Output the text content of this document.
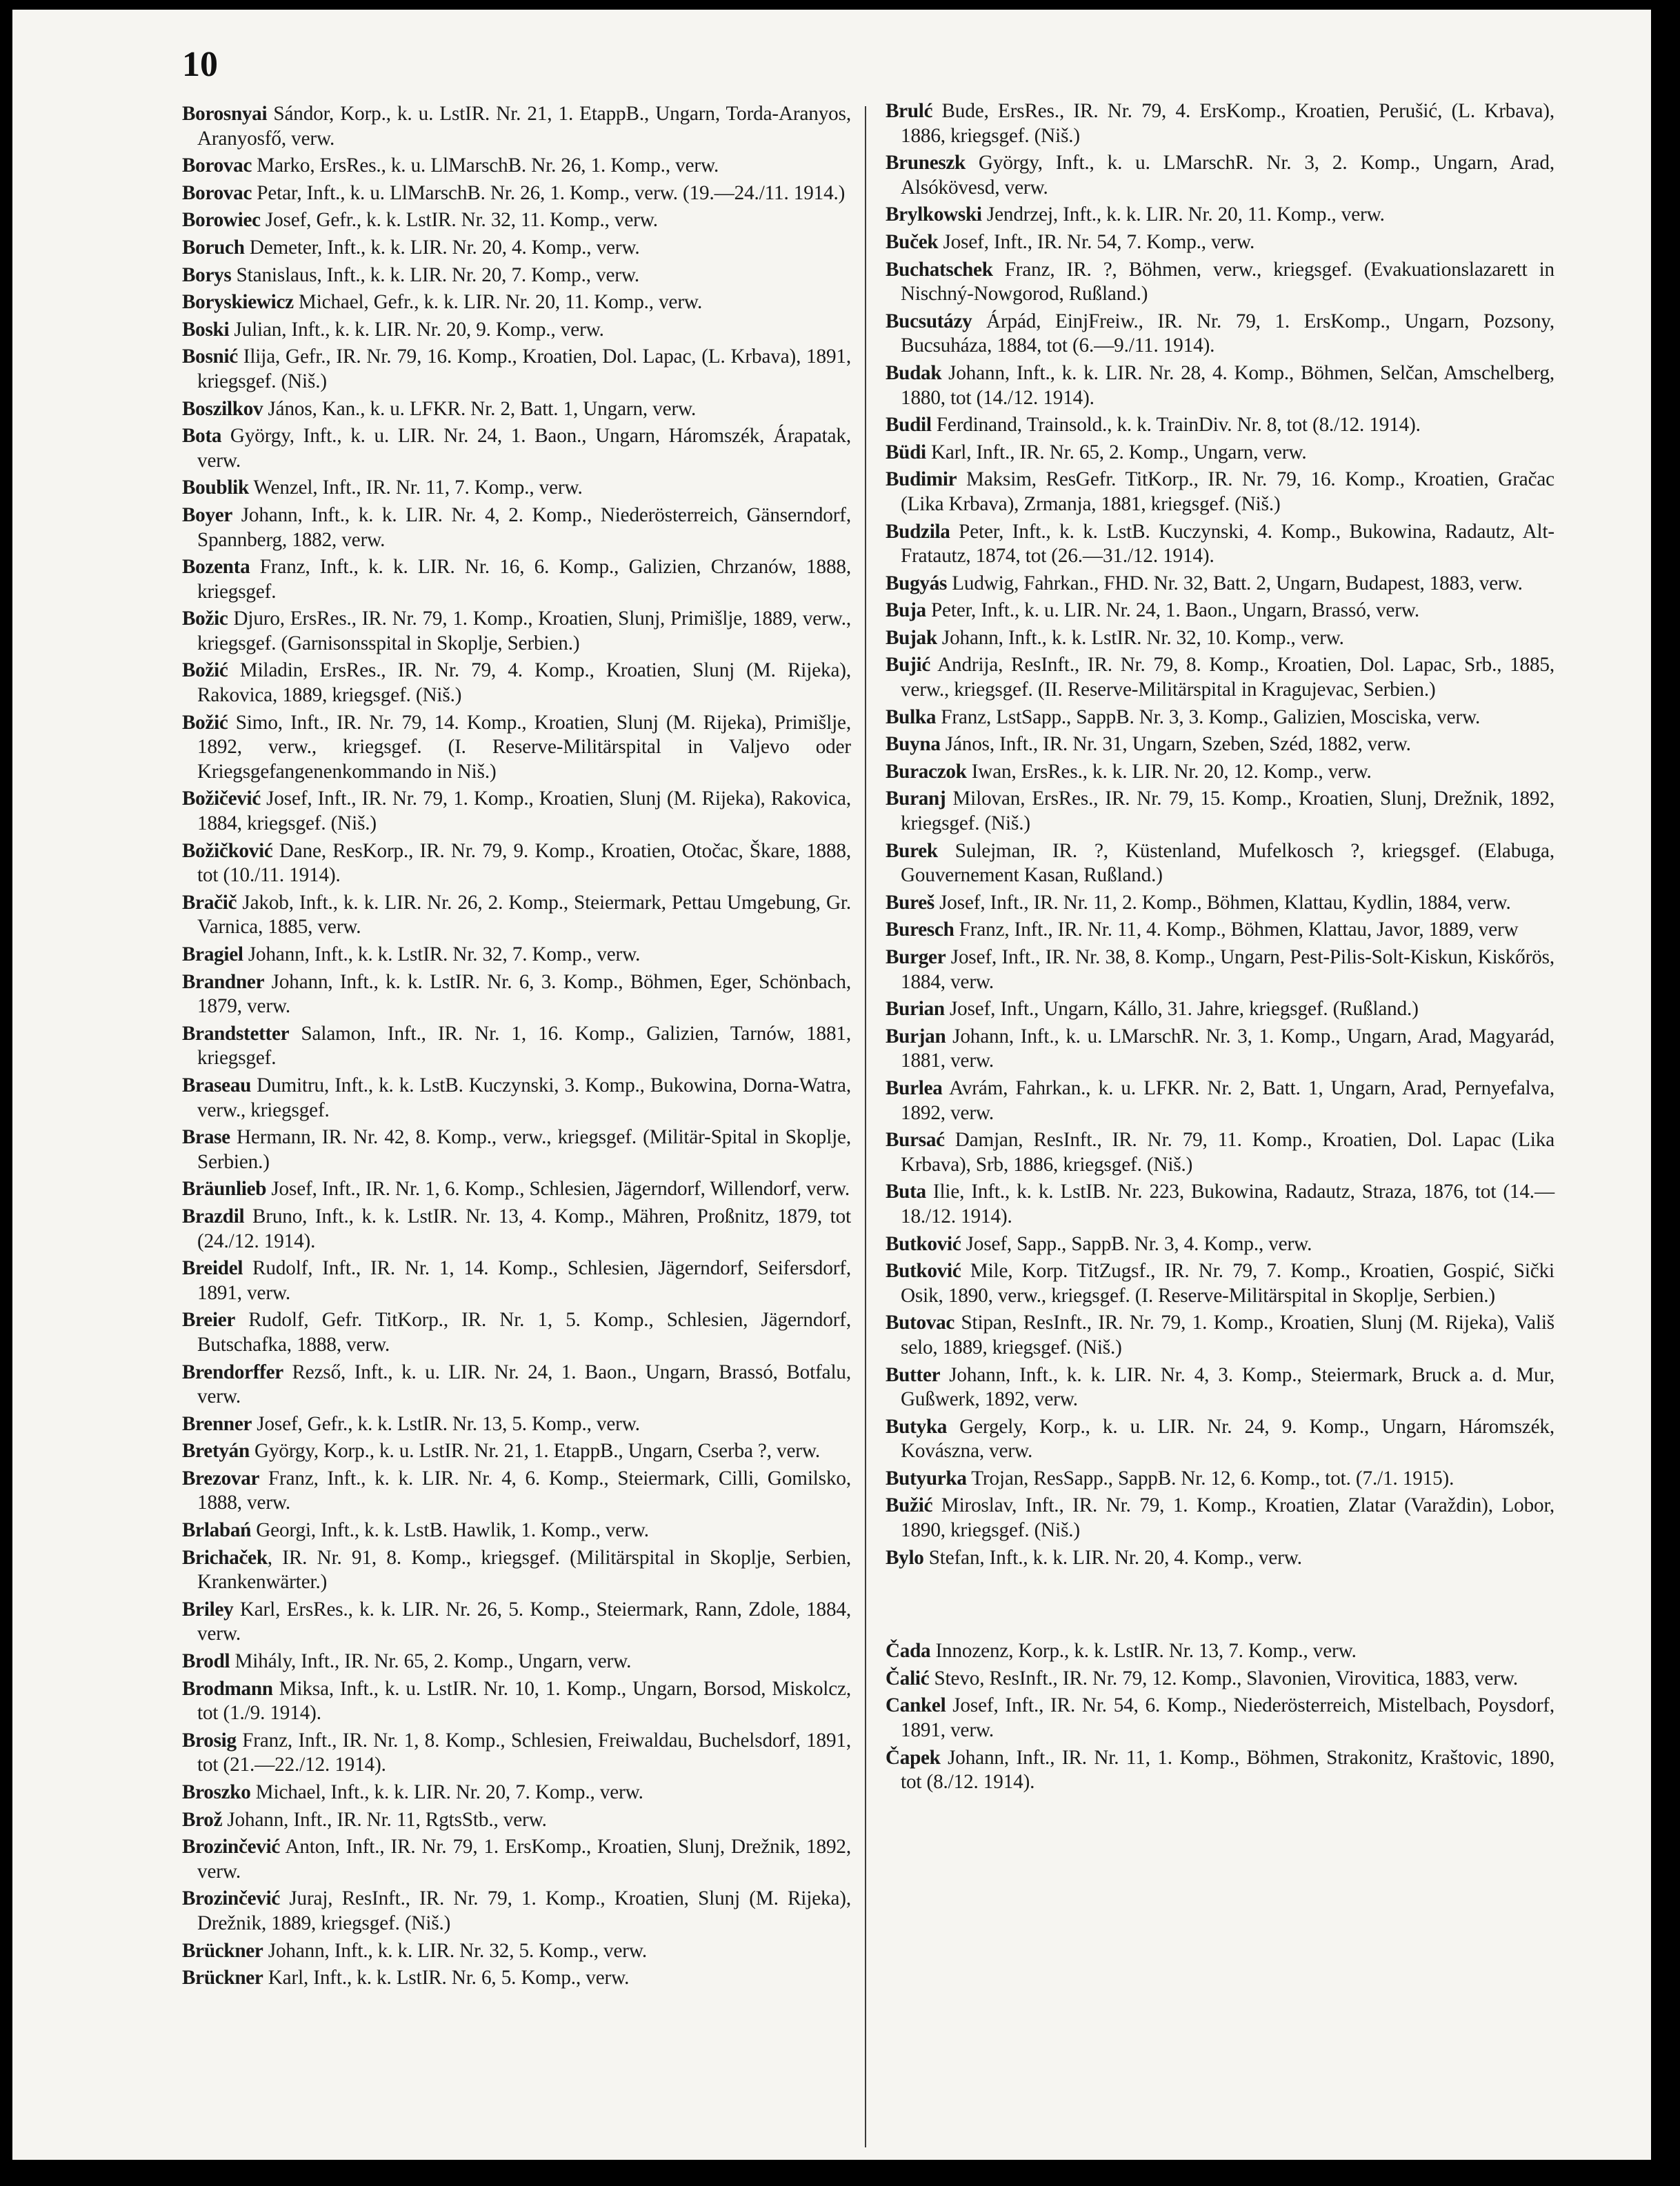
10
Borosnyai Sándor, Korp., k. u. LstIR. Nr. 21, 1. EtappB., Ungarn, Torda-Aranyos, Aranyosfő, verw.
Borovac Marko, ErsRes., k. u. LlMarschB. Nr. 26, 1. Komp., verw.
Borovac Petar, Inft., k. u. LlMarschB. Nr. 26, 1. Komp., verw. (19.—24./11. 1914.)
Borowiec Josef, Gefr., k. k. LstIR. Nr. 32, 11. Komp., verw.
Boruch Demeter, Inft., k. k. LIR. Nr. 20, 4. Komp., verw.
Borys Stanislaus, Inft., k. k. LIR. Nr. 20, 7. Komp., verw.
Boryskiewicz Michael, Gefr., k. k. LIR. Nr. 20, 11. Komp., verw.
Boski Julian, Inft., k. k. LIR. Nr. 20, 9. Komp., verw.
Bosnić Ilija, Gefr., IR. Nr. 79, 16. Komp., Kroatien, Dol. Lapac, (L. Krbava), 1891, kriegsgef. (Niš.)
Boszilkov János, Kan., k. u. LFKR. Nr. 2, Batt. 1, Ungarn, verw.
Bota György, Inft., k. u. LIR. Nr. 24, 1. Baon., Ungarn, Háromszék, Árapatak, verw.
Boublik Wenzel, Inft., IR. Nr. 11, 7. Komp., verw.
Boyer Johann, Inft., k. k. LIR. Nr. 4, 2. Komp., Niederösterreich, Gänserndorf, Spannberg, 1882, verw.
Bozenta Franz, Inft., k. k. LIR. Nr. 16, 6. Komp., Galizien, Chrzanów, 1888, kriegsgef.
Božic Djuro, ErsRes., IR. Nr. 79, 1. Komp., Kroatien, Slunj, Primišlje, 1889, verw., kriegsgef. (Garnisonsspital in Skoplje, Serbien.)
Božić Miladin, ErsRes., IR. Nr. 79, 4. Komp., Kroatien, Slunj (M. Rijeka), Rakovica, 1889, kriegsgef. (Niš.)
Božić Simo, Inft., IR. Nr. 79, 14. Komp., Kroatien, Slunj (M. Rijeka), Primišlje, 1892, verw., kriegsgef. (I. Reserve-Militärspital in Valjevo oder Kriegsgefangenenkommando in Niš.)
Božičević Josef, Inft., IR. Nr. 79, 1. Komp., Kroatien, Slunj (M. Rijeka), Rakovica, 1884, kriegsgef. (Niš.)
Božičković Dane, ResKorp., IR. Nr. 79, 9. Komp., Kroatien, Otočac, Škare, 1888, tot (10./11. 1914).
Bračič Jakob, Inft., k. k. LIR. Nr. 26, 2. Komp., Steiermark, Pettau Umgebung, Gr. Varnica, 1885, verw.
Bragiel Johann, Inft., k. k. LstIR. Nr. 32, 7. Komp., verw.
Brandner Johann, Inft., k. k. LstIR. Nr. 6, 3. Komp., Böhmen, Eger, Schönbach, 1879, verw.
Brandstetter Salamon, Inft., IR. Nr. 1, 16. Komp., Galizien, Tarnów, 1881, kriegsgef.
Braseau Dumitru, Inft., k. k. LstB. Kuczynski, 3. Komp., Bukowina, Dorna-Watra, verw., kriegsgef.
Brase Hermann, IR. Nr. 42, 8. Komp., verw., kriegsgef. (Militär-Spital in Skoplje, Serbien.)
Bräunlieb Josef, Inft., IR. Nr. 1, 6. Komp., Schlesien, Jägerndorf, Willendorf, verw.
Brazdil Bruno, Inft., k. k. LstIR. Nr. 13, 4. Komp., Mähren, Proßnitz, 1879, tot (24./12. 1914).
Breidel Rudolf, Inft., IR. Nr. 1, 14. Komp., Schlesien, Jägerndorf, Seifersdorf, 1891, verw.
Breier Rudolf, Gefr. TitKorp., IR. Nr. 1, 5. Komp., Schlesien, Jägerndorf, Butschafka, 1888, verw.
Brendorffer Rezső, Inft., k. u. LIR. Nr. 24, 1. Baon., Ungarn, Brassó, Botfalu, verw.
Brenner Josef, Gefr., k. k. LstIR. Nr. 13, 5. Komp., verw.
Bretyán György, Korp., k. u. LstIR. Nr. 21, 1. EtappB., Ungarn, Cserba ?, verw.
Brezovar Franz, Inft., k. k. LIR. Nr. 4, 6. Komp., Steiermark, Cilli, Gomilsko, 1888, verw.
Brlabań Georgi, Inft., k. k. LstB. Hawlik, 1. Komp., verw.
Brichaček, IR. Nr. 91, 8. Komp., kriegsgef. (Militärspital in Skoplje, Serbien, Krankenwärter.)
Briley Karl, ErsRes., k. k. LIR. Nr. 26, 5. Komp., Steiermark, Rann, Zdole, 1884, verw.
Brodl Mihály, Inft., IR. Nr. 65, 2. Komp., Ungarn, verw.
Brodmann Miksa, Inft., k. u. LstIR. Nr. 10, 1. Komp., Ungarn, Borsod, Miskolcz, tot (1./9. 1914).
Brosig Franz, Inft., IR. Nr. 1, 8. Komp., Schlesien, Freiwaldau, Buchelsdorf, 1891, tot (21.—22./12. 1914).
Broszko Michael, Inft., k. k. LIR. Nr. 20, 7. Komp., verw.
Brož Johann, Inft., IR. Nr. 11, RgtsStb., verw.
Brozinčević Anton, Inft., IR. Nr. 79, 1. ErsKomp., Kroatien, Slunj, Drežnik, 1892, verw.
Brozinčević Juraj, ResInft., IR. Nr. 79, 1. Komp., Kroatien, Slunj (M. Rijeka), Drežnik, 1889, kriegsgef. (Niš.)
Brückner Johann, Inft., k. k. LIR. Nr. 32, 5. Komp., verw.
Brückner Karl, Inft., k. k. LstIR. Nr. 6, 5. Komp., verw.
Brulć Bude, ErsRes., IR. Nr. 79, 4. ErsKomp., Kroatien, Perušić, (L. Krbava), 1886, kriegsgef. (Niš.)
Bruneszk György, Inft., k. u. LMarschR. Nr. 3, 2. Komp., Ungarn, Arad, Alsókövesd, verw.
Brylkowski Jendrzej, Inft., k. k. LIR. Nr. 20, 11. Komp., verw.
Buček Josef, Inft., IR. Nr. 54, 7. Komp., verw.
Buchatschek Franz, IR. ?, Böhmen, verw., kriegsgef. (Evakuationslazarett in Nischný-Nowgorod, Rußland.)
Bucsutázy Árpád, EinjFreiw., IR. Nr. 79, 1. ErsKomp., Ungarn, Pozsony, Bucsuháza, 1884, tot (6.—9./11. 1914).
Budak Johann, Inft., k. k. LIR. Nr. 28, 4. Komp., Böhmen, Selčan, Amschelberg, 1880, tot (14./12. 1914).
Budil Ferdinand, Trainsold., k. k. TrainDiv. Nr. 8, tot (8./12. 1914).
Büdi Karl, Inft., IR. Nr. 65, 2. Komp., Ungarn, verw.
Budimir Maksim, ResGefr. TitKorp., IR. Nr. 79, 16. Komp., Kroatien, Gračac (Lika Krbava), Zrmanja, 1881, kriegsgef. (Niš.)
Budzila Peter, Inft., k. k. LstB. Kuczynski, 4. Komp., Bukowina, Radautz, Alt-Fratautz, 1874, tot (26.—31./12. 1914).
Bugyás Ludwig, Fahrkan., FHD. Nr. 32, Batt. 2, Ungarn, Budapest, 1883, verw.
Buja Peter, Inft., k. u. LIR. Nr. 24, 1. Baon., Ungarn, Brassó, verw.
Bujak Johann, Inft., k. k. LstIR. Nr. 32, 10. Komp., verw.
Bujić Andrija, ResInft., IR. Nr. 79, 8. Komp., Kroatien, Dol. Lapac, Srb., 1885, verw., kriegsgef. (II. Reserve-Militärspital in Kragujevac, Serbien.)
Bulka Franz, LstSapp., SappB. Nr. 3, 3. Komp., Galizien, Mosciska, verw.
Buyna János, Inft., IR. Nr. 31, Ungarn, Szeben, Széd, 1882, verw.
Buraczok Iwan, ErsRes., k. k. LIR. Nr. 20, 12. Komp., verw.
Buranj Milovan, ErsRes., IR. Nr. 79, 15. Komp., Kroatien, Slunj, Drežnik, 1892, kriegsgef. (Niš.)
Burek Sulejman, IR. ?, Küstenland, Mufelkosch ?, kriegsgef. (Elabuga, Gouvernement Kasan, Rußland.)
Bureš Josef, Inft., IR. Nr. 11, 2. Komp., Böhmen, Klattau, Kydlin, 1884, verw.
Buresch Franz, Inft., IR. Nr. 11, 4. Komp., Böhmen, Klattau, Javor, 1889, verw
Burger Josef, Inft., IR. Nr. 38, 8. Komp., Ungarn, Pest-Pilis-Solt-Kiskun, Kiskőrös, 1884, verw.
Burian Josef, Inft., Ungarn, Kállo, 31. Jahre, kriegsgef. (Rußland.)
Burjan Johann, Inft., k. u. LMarschR. Nr. 3, 1. Komp., Ungarn, Arad, Magyarád, 1881, verw.
Burlea Avrám, Fahrkan., k. u. LFKR. Nr. 2, Batt. 1, Ungarn, Arad, Pernyefalva, 1892, verw.
Bursać Damjan, ResInft., IR. Nr. 79, 11. Komp., Kroatien, Dol. Lapac (Lika Krbava), Srb, 1886, kriegsgef. (Niš.)
Buta Ilie, Inft., k. k. LstIB. Nr. 223, Bukowina, Radautz, Straza, 1876, tot (14.—18./12. 1914).
Butković Josef, Sapp., SappB. Nr. 3, 4. Komp., verw.
Butković Mile, Korp. TitZugsf., IR. Nr. 79, 7. Komp., Kroatien, Gospić, Sički Osik, 1890, verw., kriegsgef. (I. Reserve-Militärspital in Skoplje, Serbien.)
Butovac Stipan, ResInft., IR. Nr. 79, 1. Komp., Kroatien, Slunj (M. Rijeka), Vališ selo, 1889, kriegsgef. (Niš.)
Butter Johann, Inft., k. k. LIR. Nr. 4, 3. Komp., Steiermark, Bruck a. d. Mur, Gußwerk, 1892, verw.
Butyka Gergely, Korp., k. u. LIR. Nr. 24, 9. Komp., Ungarn, Háromszék, Kovászna, verw.
Butyurka Trojan, ResSapp., SappB. Nr. 12, 6. Komp., tot. (7./1. 1915).
Bužić Miroslav, Inft., IR. Nr. 79, 1. Komp., Kroatien, Zlatar (Varaždin), Lobor, 1890, kriegsgef. (Niš.)
Bylo Stefan, Inft., k. k. LIR. Nr. 20, 4. Komp., verw.
Čada Innozenz, Korp., k. k. LstIR. Nr. 13, 7. Komp., verw.
Čalić Stevo, ResInft., IR. Nr. 79, 12. Komp., Slavonien, Virovitica, 1883, verw.
Cankel Josef, Inft., IR. Nr. 54, 6. Komp., Niederösterreich, Mistelbach, Poysdorf, 1891, verw.
Čapek Johann, Inft., IR. Nr. 11, 1. Komp., Böhmen, Strakonitz, Kraštovic, 1890, tot (8./12. 1914).
